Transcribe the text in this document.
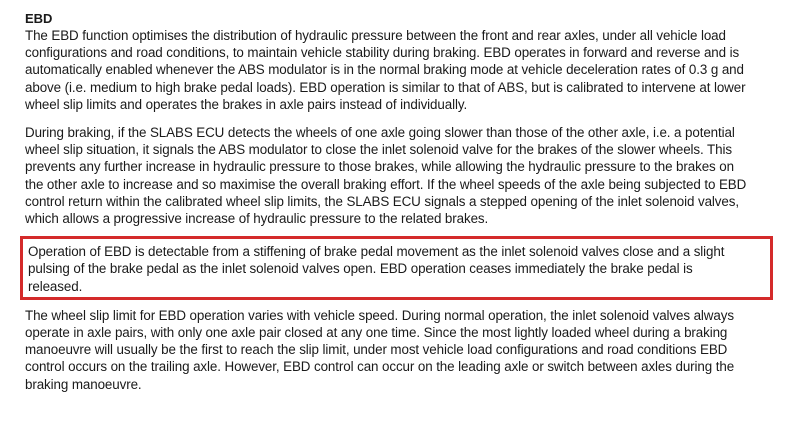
EBD

The EBD function optimises the distribution of hydraulic pressure between the front and rear axles, under all vehicle load configurations and road conditions, to maintain vehicle stability during braking. EBD operates in forward and reverse and is automatically enabled whenever the ABS modulator is in the normal braking mode at vehicle deceleration rates of 0.3 g and above (i.e. medium to high brake pedal loads). EBD operation is similar to that of ABS, but is calibrated to intervene at lower wheel slip limits and operates the brakes in axle pairs instead of individually.

During braking, if the SLABS ECU detects the wheels of one axle going slower than those of the other axle, i.e. a potential wheel slip situation, it signals the ABS modulator to close the inlet solenoid valve for the brakes of the slower wheels. This prevents any further increase in hydraulic pressure to those brakes, while allowing the hydraulic pressure to the brakes on the other axle to increase and so maximise the overall braking effort. If the wheel speeds of the axle being subjected to EBD control return within the calibrated wheel slip limits, the SLABS ECU signals a stepped opening of the inlet solenoid valves, which allows a progressive increase of hydraulic pressure to the related brakes.

Operation of EBD is detectable from a stiffening of brake pedal movement as the inlet solenoid valves close and a slight pulsing of the brake pedal as the inlet solenoid valves open. EBD operation ceases immediately the brake pedal is released.

The wheel slip limit for EBD operation varies with vehicle speed. During normal operation, the inlet solenoid valves always operate in axle pairs, with only one axle pair closed at any one time. Since the most lightly loaded wheel during a braking manoeuvre will usually be the first to reach the slip limit, under most vehicle load configurations and road conditions EBD control occurs on the trailing axle. However, EBD control can occur on the leading axle or switch between axles during the braking manoeuvre.
